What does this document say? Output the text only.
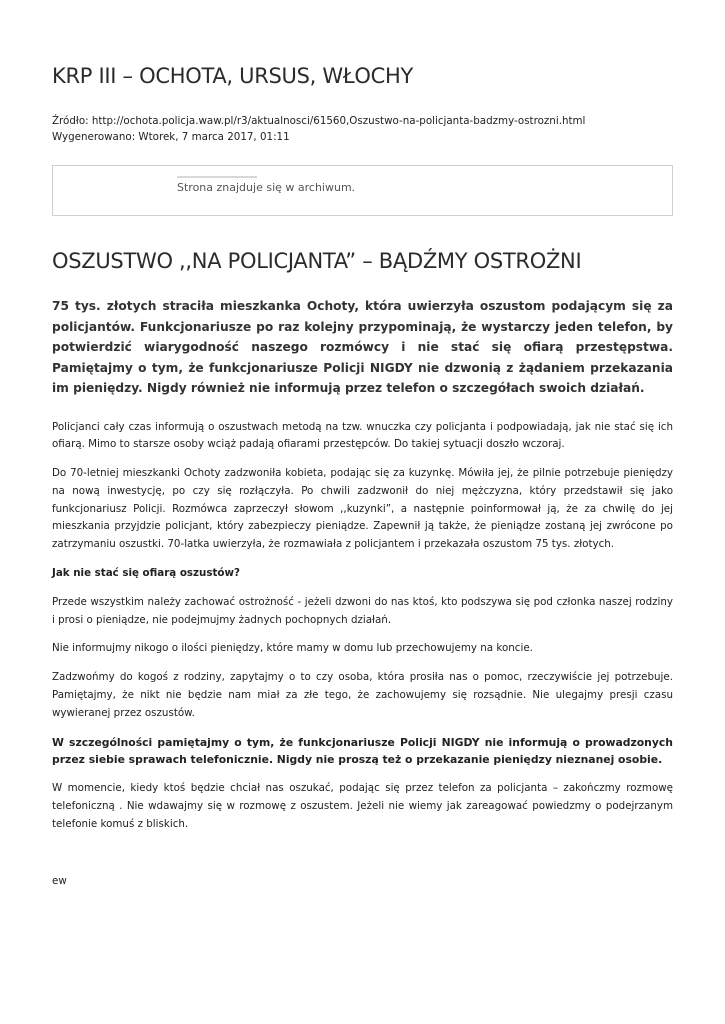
KRP III – OCHOTA, URSUS, WŁOCHY
Źródło: http://ochota.policja.waw.pl/r3/aktualnosci/61560,Oszustwo-na-policjanta-badzmy-ostrozni.html
Wygenerowano: Wtorek, 7 marca 2017, 01:11
Strona znajduje się w archiwum.
OSZUSTWO ,,NA POLICJANTA” – BĄDŹMY OSTROŻNI

75 tys. złotych straciła mieszkanka Ochoty, która uwierzyła oszustom podającym się za policjantów. Funkcjonariusze po raz kolejny przypominają, że wystarczy jeden telefon, by potwierdzić wiarygodność naszego rozmówcy i nie stać się ofiarą przestępstwa. Pamiętajmy o tym, że funkcjonariusze Policji NIGDY nie dzwonią z żądaniem przekazania im pieniędzy. Nigdy również nie informują przez telefon o szczegółach swoich działań.

Policjanci cały czas informują o oszustwach metodą na tzw. wnuczka czy policjanta i podpowiadają, jak nie stać się ich ofiarą. Mimo to starsze osoby wciąż padają ofiarami przestępców. Do takiej sytuacji doszło wczoraj.

Do 70-letniej mieszkanki Ochoty zadzwoniła kobieta, podając się za kuzynkę. Mówiła jej, że pilnie potrzebuje pieniędzy na nową inwestycję, po czy się rozłączyła. Po chwili zadzwonił do niej mężczyzna, który przedstawił się jako funkcjonariusz Policji. Rozmówca zaprzeczył słowom ,,kuzynki”, a następnie poinformował ją, że za chwilę do jej mieszkania przyjdzie policjant, który zabezpieczy pieniądze. Zapewnił ją także, że pieniądze zostaną jej zwrócone po zatrzymaniu oszustki. 70-latka uwierzyła, że rozmawiała z policjantem i przekazała oszustom 75 tys. złotych.

Jak nie stać się ofiarą oszustów?

Przede wszystkim należy zachować ostrożność - jeżeli dzwoni do nas ktoś, kto podszywa się pod członka naszej rodziny i prosi o pieniądze, nie podejmujmy żadnych pochopnych działań.

Nie informujmy nikogo o ilości pieniędzy, które mamy w domu lub przechowujemy na koncie.

Zadzwońmy do kogoś z rodziny, zapytajmy o to czy osoba, która prosiła nas o pomoc, rzeczywiście jej potrzebuje. Pamiętajmy, że nikt nie będzie nam miał za złe tego, że zachowujemy się rozsądnie. Nie ulegajmy presji czasu wywieranej przez oszustów.

W szczególności pamiętajmy o tym, że funkcjonariusze Policji NIGDY nie informują o prowadzonych przez siebie sprawach telefonicznie. Nigdy nie proszą też o przekazanie pieniędzy nieznanej osobie.

W momencie, kiedy ktoś będzie chciał nas oszukać, podając się przez telefon za policjanta – zakończmy rozmowę telefoniczną . Nie wdawajmy się w rozmowę z oszustem. Jeżeli nie wiemy jak zareagować powiedzmy o podejrzanym telefonie komuś z bliskich.

ew
